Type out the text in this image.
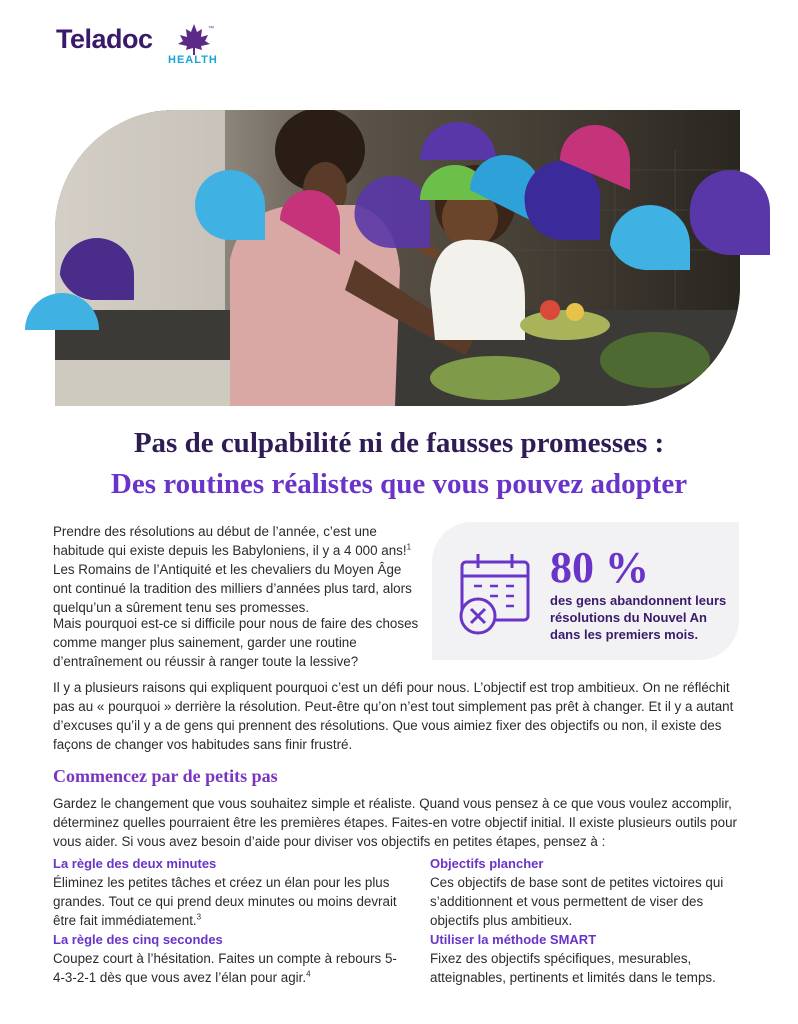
Teladoc	™
HEALTH
Pas de culpabilité ni de fausses promesses :
Des routines réalistes que vous pouvez adopter

Prendre des résolutions au début de l’année, c’est une habitude qui existe depuis les Babyloniens, il y a 4 000 ans!$^1$ Les Romains de l’Antiquité et les chevaliers du Moyen Âge ont continué la tradition des milliers d’années plus tard, alors quelqu’un a sûrement tenu ses promesses.

Mais pourquoi est-ce si difficile pour nous de faire des choses comme manger plus sainement, garder une routine d’entraînement ou réussir à ranger toute la lessive?

80 %
des gens abandonnent leurs résolutions du Nouvel An dans les premiers mois.

Il y a plusieurs raisons qui expliquent pourquoi c’est un défi pour nous. L’objectif est trop ambitieux. On ne réfléchit pas au « pourquoi » derrière la résolution. Peut-être qu’on n’est tout simplement pas prêt à changer. Et il y a autant d’excuses qu’il y a de gens qui prennent des résolutions. Que vous aimiez fixer des objectifs ou non, il existe des façons de changer vos habitudes sans finir frustré.

Commencez par de petits pas

Gardez le changement que vous souhaitez simple et réaliste. Quand vous pensez à ce que vous voulez accomplir, déterminez quelles pourraient être les premières étapes. Faites-en votre objectif initial. Il existe plusieurs outils pour vous aider. Si vous avez besoin d’aide pour diviser vos objectifs en petites étapes, pensez à :

La règle des deux minutes
Éliminez les petites tâches et créez un élan pour les plus grandes. Tout ce qui prend deux minutes ou moins devrait être fait immédiatement.$^3$
La règle des cinq secondes
Coupez court à l’hésitation. Faites un compte à rebours 5-4-3-2-1 dès que vous avez l’élan pour agir.$^4$
Objectifs plancher
Ces objectifs de base sont de petites victoires qui s’additionnent et vous permettent de viser des objectifs plus ambitieux.
Utiliser la méthode SMART
Fixez des objectifs spécifiques, mesurables, atteignables, pertinents et limités dans le temps.
